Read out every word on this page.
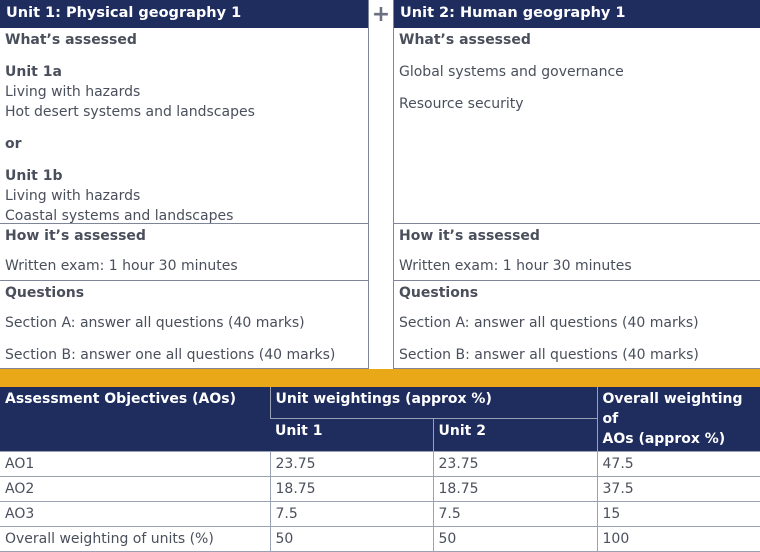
Unit 1: Physical geography 1
What’s assessed
Unit 1a
Living with hazards
Hot desert systems and landscapes
or
Unit 1b
Living with hazards
Coastal systems and landscapes
How it’s assessed
Written exam: 1 hour 30 minutes
Questions
Section A: answer all questions (40 marks)
Section B: answer one all questions (40 marks)
+ Unit 2: Human geography 1
What’s assessed
Global systems and governance
Resource security
How it’s assessed
Written exam: 1 hour 30 minutes
Questions
Section A: answer all questions (40 marks)
Section B: answer all questions (40 marks)
Assessment Objectives (AOs)	Unit weightings (approx %)		Overall weighting of
AOs (approx %)

	Unit 1	Unit 2	
AO1	23.75	23.75	47.5
AO2	18.75	18.75	37.5
AO3	7.5	7.5	15
Overall weighting of units (%)	50	50	100
